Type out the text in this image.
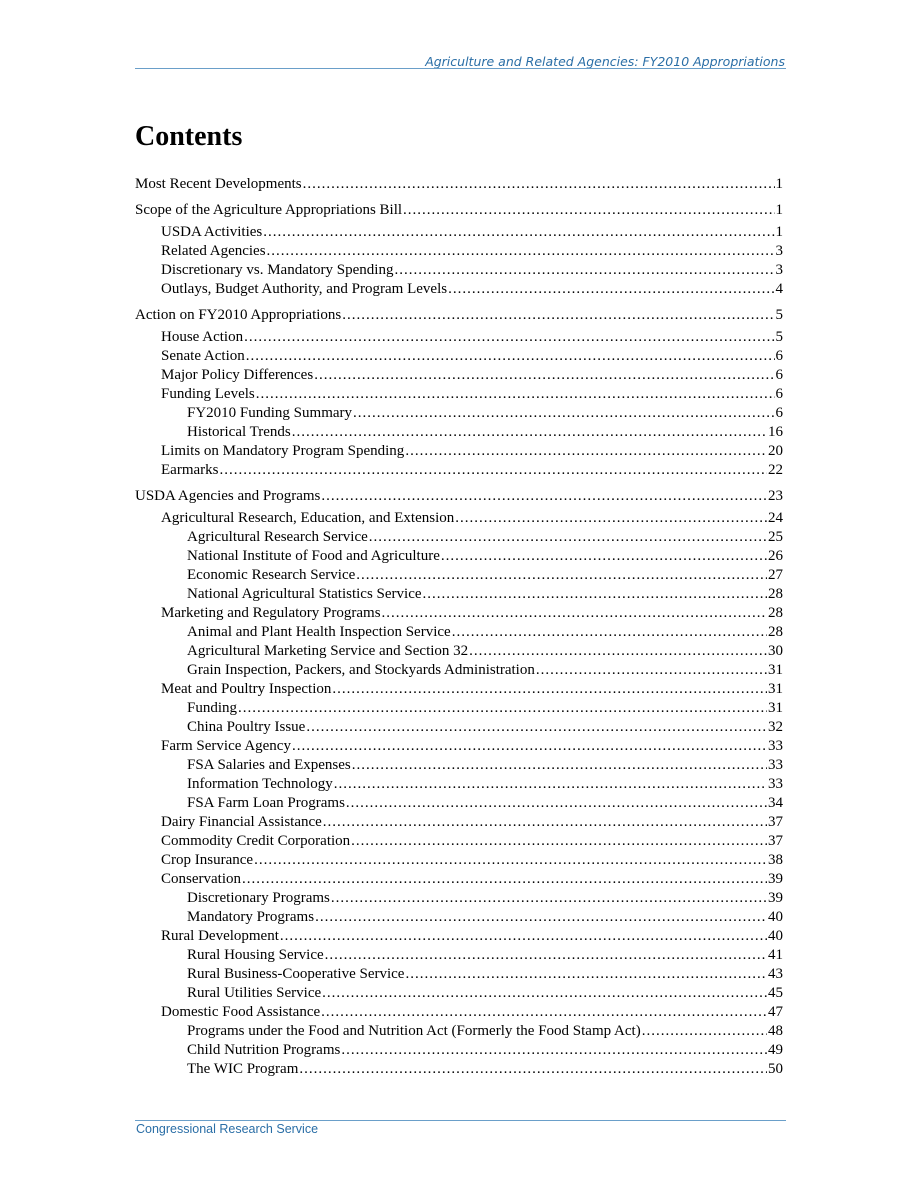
Agriculture and Related Agencies: FY2010 Appropriations
Contents
Most Recent Developments .....	1
Scope of the Agriculture Appropriations Bill .....	1
USDA Activities .....	1
Related Agencies .....	3
Discretionary vs. Mandatory Spending .....	3
Outlays, Budget Authority, and Program Levels .....	4
Action on FY2010 Appropriations .....	5
House Action .....	5
Senate Action .....	6
Major Policy Differences .....	6
Funding Levels .....	6
FY2010 Funding Summary .....	6
Historical Trends .....	16
Limits on Mandatory Program Spending .....	20
Earmarks .....	22
USDA Agencies and Programs .....	23
Agricultural Research, Education, and Extension .....	24
Agricultural Research Service .....	25
National Institute of Food and Agriculture .....	26
Economic Research Service .....	27
National Agricultural Statistics Service .....	28
Marketing and Regulatory Programs .....	28
Animal and Plant Health Inspection Service .....	28
Agricultural Marketing Service and Section 32 .....	30
Grain Inspection, Packers, and Stockyards Administration .....	31
Meat and Poultry Inspection .....	31
Funding .....	31
China Poultry Issue .....	32
Farm Service Agency .....	33
FSA Salaries and Expenses .....	33
Information Technology .....	33
FSA Farm Loan Programs .....	34
Dairy Financial Assistance .....	37
Commodity Credit Corporation .....	37
Crop Insurance .....	38
Conservation .....	39
Discretionary Programs .....	39
Mandatory Programs .....	40
Rural Development .....	40
Rural Housing Service .....	41
Rural Business-Cooperative Service .....	43
Rural Utilities Service .....	45
Domestic Food Assistance .....	47
Programs under the Food and Nutrition Act (Formerly the Food Stamp Act) .....	48
Child Nutrition Programs .....	49
The WIC Program .....	50
Congressional Research Service
